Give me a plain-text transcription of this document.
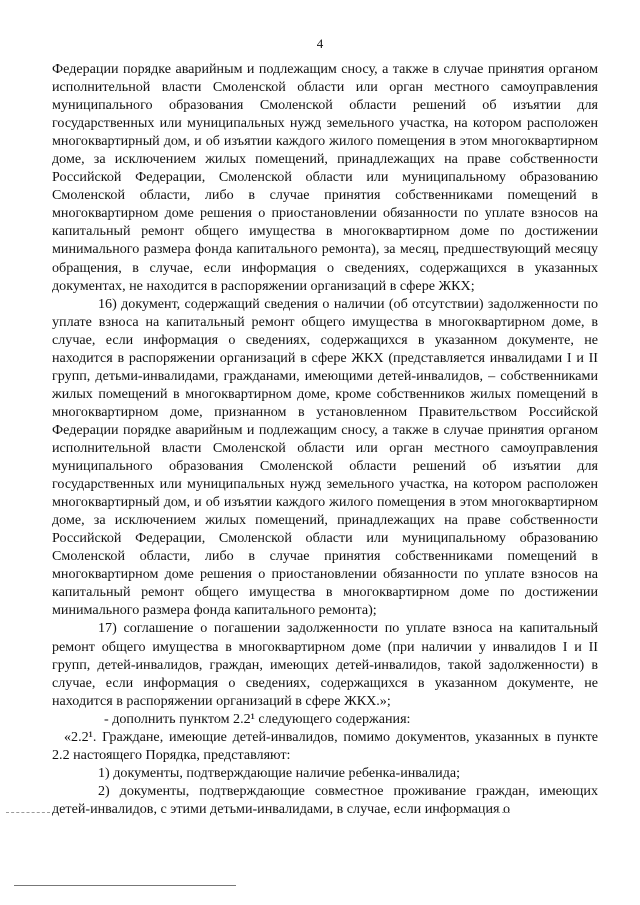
4

Федерации порядке аварийным и подлежащим сносу, а также в случае принятия органом исполнительной власти Смоленской области или орган местного самоуправления муниципального образования Смоленской области решений об изъятии для государственных или муниципальных нужд земельного участка, на котором расположен многоквартирный дом, и об изъятии каждого жилого помещения в этом многоквартирном доме, за исключением жилых помещений, принадлежащих на праве собственности Российской Федерации, Смоленской области или муниципальному образованию Смоленской области, либо в случае принятия собственниками помещений в многоквартирном доме решения о приостановлении обязанности по уплате взносов на капитальный ремонт общего имущества в многоквартирном доме по достижении минимального размера фонда капитального ремонта), за месяц, предшествующий месяцу обращения, в случае, если информация о сведениях, содержащихся в указанных документах, не находится в распоряжении организаций в сфере ЖКХ;

16) документ, содержащий сведения о наличии (об отсутствии) задолженности по уплате взноса на капитальный ремонт общего имущества в многоквартирном доме, в случае, если информация о сведениях, содержащихся в указанном документе, не находится в распоряжении организаций в сфере ЖКХ (представляется инвалидами I и II групп, детьми-инвалидами, гражданами, имеющими детей-инвалидов, – собственниками жилых помещений в многоквартирном доме, кроме собственников жилых помещений в многоквартирном доме, признанном в установленном Правительством Российской Федерации порядке аварийным и подлежащим сносу, а также в случае принятия органом исполнительной власти Смоленской области или орган местного самоуправления муниципального образования Смоленской области решений об изъятии для государственных или муниципальных нужд земельного участка, на котором расположен многоквартирный дом, и об изъятии каждого жилого помещения в этом многоквартирном доме, за исключением жилых помещений, принадлежащих на праве собственности Российской Федерации, Смоленской области или муниципальному образованию Смоленской области, либо в случае принятия собственниками помещений в многоквартирном доме решения о приостановлении обязанности по уплате взносов на капитальный ремонт общего имущества в многоквартирном доме по достижении минимального размера фонда капитального ремонта);

17) соглашение о погашении задолженности по уплате взноса на капитальный ремонт общего имущества в многоквартирном доме (при наличии у инвалидов I и II групп, детей-инвалидов, граждан, имеющих детей-инвалидов, такой задолженности) в случае, если информация о сведениях, содержащихся в указанном документе, не находится в распоряжении организаций в сфере ЖКХ.»;

- дополнить пунктом 2.2¹ следующего содержания:

«2.2¹. Граждане, имеющие детей-инвалидов, помимо документов, указанных в пункте 2.2 настоящего Порядка, представляют:

1) документы, подтверждающие наличие ребенка-инвалида;

2) документы, подтверждающие совместное проживание граждан, имеющих детей-инвалидов, с этими детьми-инвалидами, в случае, если информация о
